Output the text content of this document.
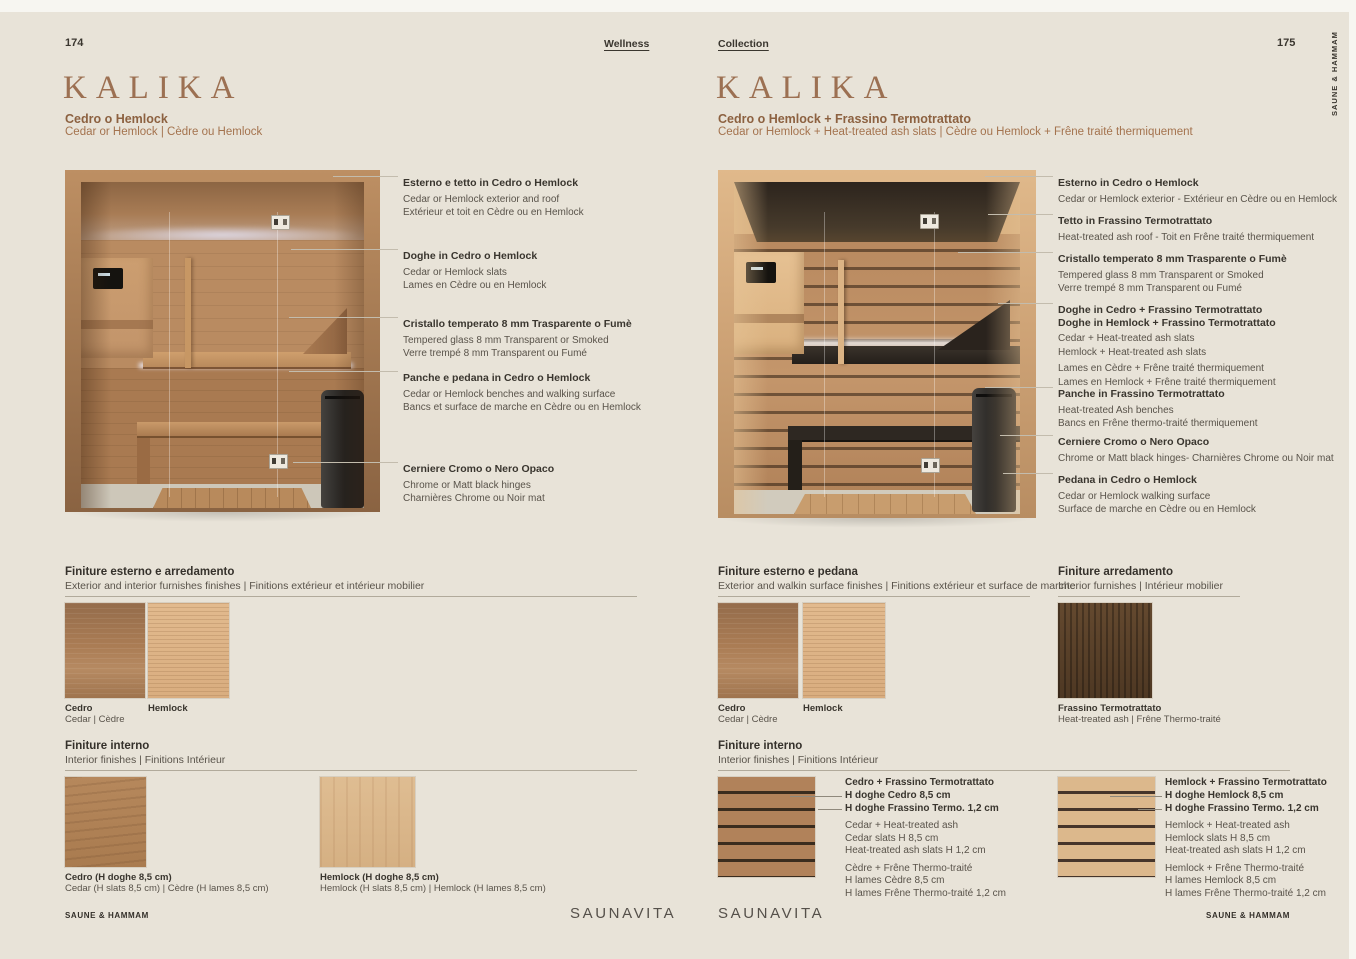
174	Wellness
KALIKA
Cedro o Hemlock
Cedar or Hemlock | Cèdre ou Hemlock
Esterno e tetto in Cedro o Hemlock
Cedar or Hemlock exterior and roof
Extérieur et toit en Cèdre ou en Hemlock
Doghe in Cedro o Hemlock
Cedar or Hemlock slats
Lames en Cèdre ou en Hemlock
Cristallo temperato 8 mm Trasparente o Fumè
Tempered glass 8 mm Transparent or Smoked
Verre trempé 8 mm Transparent ou Fumé
Panche e pedana in Cedro o Hemlock
Cedar or Hemlock benches and walking surface
Bancs et surface de marche en Cèdre ou en Hemlock
Cerniere Cromo o Nero Opaco
Chrome or Matt black hinges
Charnières Chrome ou Noir mat
Finiture esterno e arredamento
Exterior and interior furnishes finishes | Finitions extérieur et intérieur mobilier
Cedro
Cedar | Cèdre
Hemlock
Finiture interno
Interior finishes | Finitions Intérieur
Cedro (H doghe 8,5 cm)
Cedar (H slats 8,5 cm) | Cèdre (H lames 8,5 cm)
Hemlock (H doghe 8,5 cm)
Hemlock (H slats 8,5 cm) | Hemlock (H lames 8,5 cm)
SAUNE & HAMMAM	SAUNAVITA
Collection	175	SAUNE & HAMMAM
KALIKA
Cedro o Hemlock + Frassino Termotrattato
Cedar or Hemlock + Heat-treated ash slats | Cèdre ou Hemlock + Frêne traité thermiquement
Esterno in Cedro o Hemlock
Cedar or Hemlock exterior - Extérieur en Cèdre ou en Hemlock
Tetto in Frassino Termotrattato
Heat-treated ash roof - Toit en Frêne traité thermiquement
Cristallo temperato 8 mm Trasparente o Fumè
Tempered glass 8 mm Transparent or Smoked
Verre trempé 8 mm Transparent ou Fumé
Doghe in Cedro + Frassino Termotrattato
Doghe in Hemlock + Frassino Termotrattato
Cedar + Heat-treated ash slats
Hemlock + Heat-treated ash slats
Lames en Cèdre + Frêne traité thermiquement
Lames en Hemlock + Frêne traité thermiquement
Panche in Frassino Termotrattato
Heat-treated Ash benches
Bancs en Frêne thermo-traité thermiquement
Cerniere Cromo o Nero Opaco
Chrome or Matt black hinges- Charnières Chrome ou Noir mat
Pedana in Cedro o Hemlock
Cedar or Hemlock walking surface
Surface de marche en Cèdre ou en Hemlock
Finiture esterno e pedana
Exterior and walkin surface finishes | Finitions extérieur et surface de marche
Cedro
Cedar | Cèdre
Hemlock
Finiture arredamento
Interior furnishes | Intérieur mobilier
Frassino Termotrattato
Heat-treated ash | Frêne Thermo-traité
Finiture interno
Interior finishes | Finitions Intérieur
Cedro + Frassino Termotrattato
H doghe Cedro 8,5 cm
H doghe Frassino Termo. 1,2 cm
Cedar + Heat-treated ash
Cedar slats H 8,5 cm
Heat-treated ash slats H 1,2 cm
Cèdre + Frêne Thermo-traité
H lames Cèdre 8,5 cm
H lames Frêne Thermo-traité 1,2 cm
Hemlock + Frassino Termotrattato
H doghe Hemlock 8,5 cm
H doghe Frassino Termo. 1,2 cm
Hemlock + Heat-treated ash
Hemlock slats H 8,5 cm
Heat-treated ash slats H 1,2 cm
Hemlock + Frêne Thermo-traité
H lames Hemlock 8,5 cm
H lames Frêne Thermo-traité 1,2 cm
SAUNAVITA	SAUNE & HAMMAM
